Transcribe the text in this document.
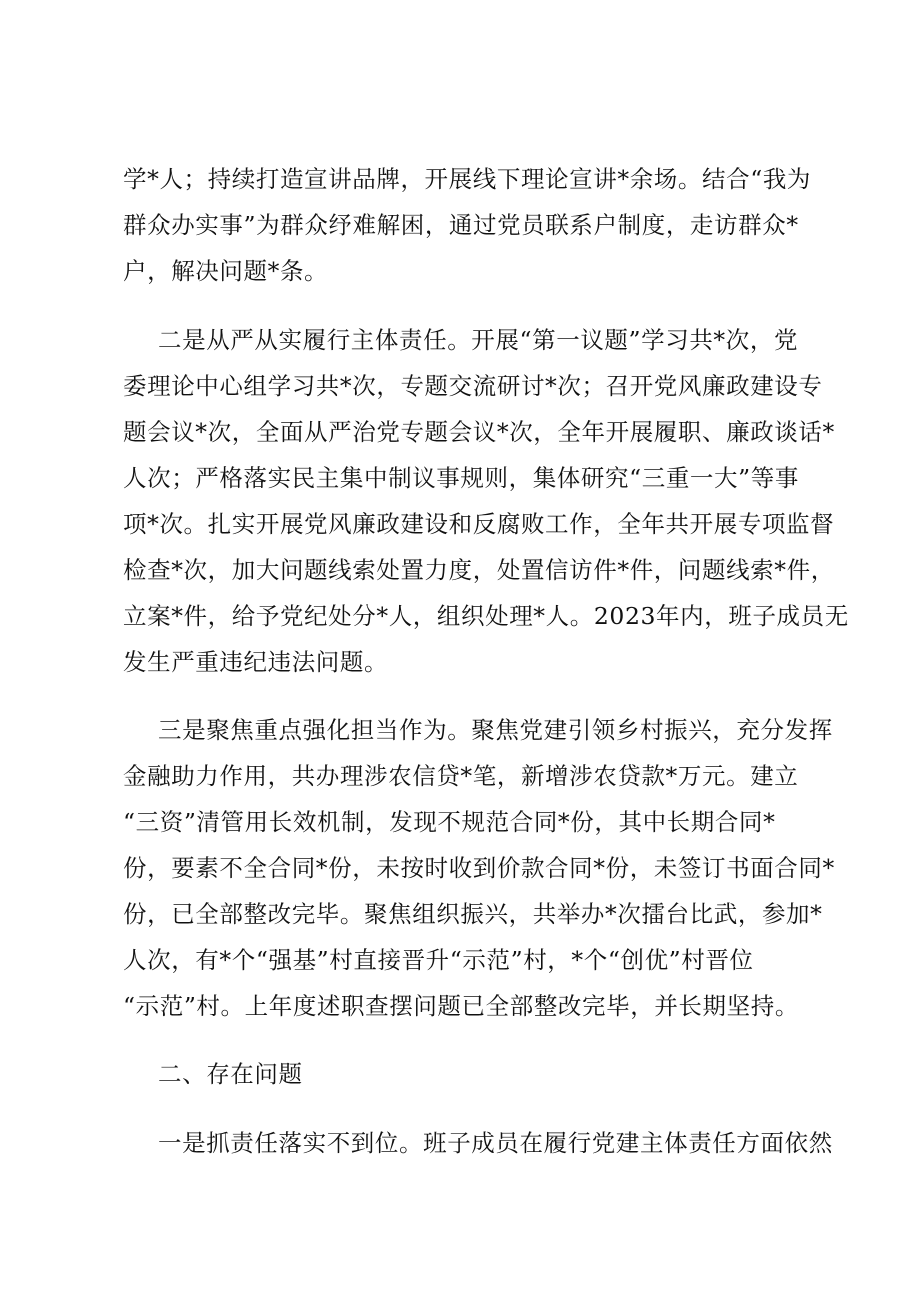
学*人；持续打造宣讲品牌，开展线下理论宣讲*余场。结合“我为
群众办实事”为群众纾难解困，通过党员联系户制度，走访群众*
户，解决问题*条。
二是从严从实履行主体责任。开展“第一议题”学习共*次，党
委理论中心组学习共*次，专题交流研讨*次；召开党风廉政建设专
题会议*次，全面从严治党专题会议*次，全年开展履职、廉政谈话*
人次；严格落实民主集中制议事规则，集体研究“三重一大”等事
项*次。扎实开展党风廉政建设和反腐败工作，全年共开展专项监督
检查*次，加大问题线索处置力度，处置信访件*件，问题线索*件，
立案*件，给予党纪处分*人，组织处理*人。2023年内，班子成员无
发生严重违纪违法问题。
三是聚焦重点强化担当作为。聚焦党建引领乡村振兴，充分发挥
金融助力作用，共办理涉农信贷*笔，新增涉农贷款*万元。建立
“三资”清管用长效机制，发现不规范合同*份，其中长期合同*
份，要素不全合同*份，未按时收到价款合同*份，未签订书面合同*
份，已全部整改完毕。聚焦组织振兴，共举办*次擂台比武，参加*
人次，有*个“强基”村直接晋升“示范”村，*个“创优”村晋位
“示范”村。上年度述职查摆问题已全部整改完毕，并长期坚持。
二、存在问题
一是抓责任落实不到位。班子成员在履行党建主体责任方面依然
